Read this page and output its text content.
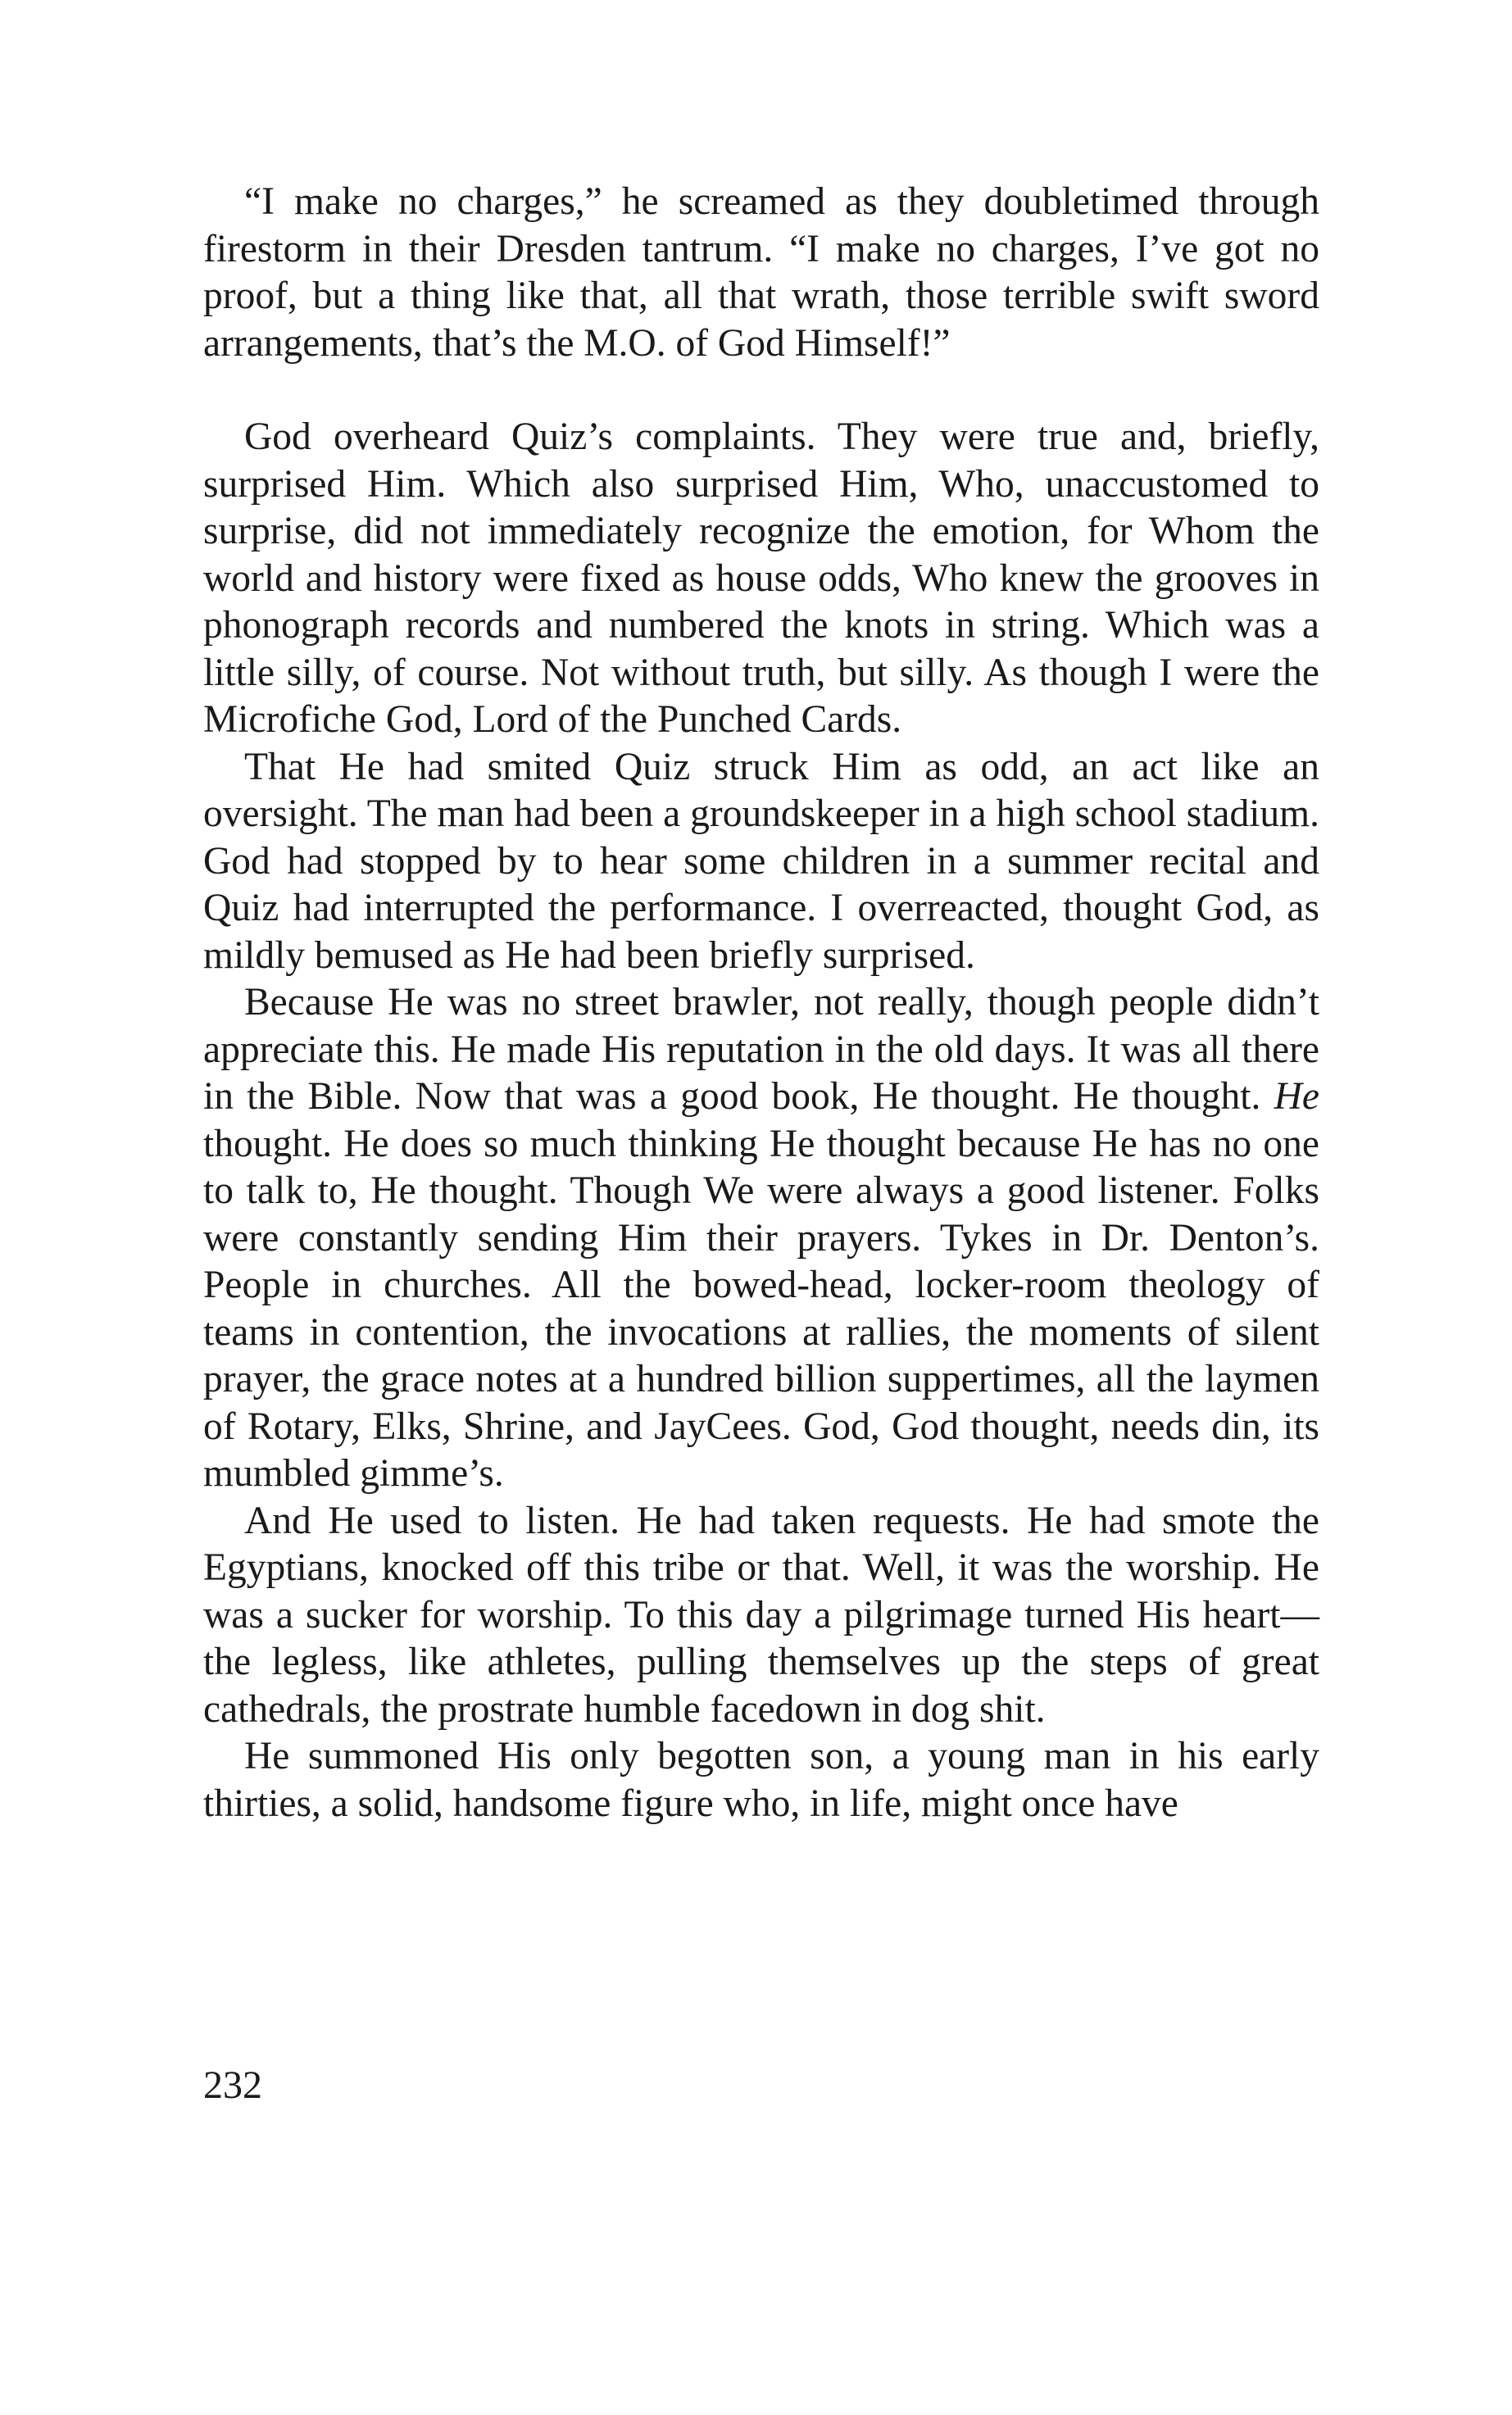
“I make no charges,” he screamed as they doubletimed through firestorm in their Dresden tantrum. “I make no charges, I’ve got no proof, but a thing like that, all that wrath, those terrible swift sword arrangements, that’s the M.O. of God Himself!”

God overheard Quiz’s complaints. They were true and, briefly, surprised Him. Which also surprised Him, Who, unaccustomed to surprise, did not immediately recognize the emotion, for Whom the world and history were fixed as house odds, Who knew the grooves in phonograph records and numbered the knots in string. Which was a little silly, of course. Not without truth, but silly. As though I were the Microfiche God, Lord of the Punched Cards.

That He had smited Quiz struck Him as odd, an act like an oversight. The man had been a groundskeeper in a high school stadium. God had stopped by to hear some children in a summer recital and Quiz had interrupted the performance. I overreacted, thought God, as mildly bemused as He had been briefly surprised.

Because He was no street brawler, not really, though people didn’t appreciate this. He made His reputation in the old days. It was all there in the Bible. Now that was a good book, He thought. He thought. He thought. He does so much thinking He thought because He has no one to talk to, He thought. Though We were always a good listener. Folks were constantly sending Him their prayers. Tykes in Dr. Denton’s. People in churches. All the bowed-head, locker-room theology of teams in contention, the invocations at rallies, the moments of silent prayer, the grace notes at a hundred billion suppertimes, all the laymen of Rotary, Elks, Shrine, and JayCees. God, God thought, needs din, its mumbled gimme’s.

And He used to listen. He had taken requests. He had smote the Egyptians, knocked off this tribe or that. Well, it was the worship. He was a sucker for worship. To this day a pilgrimage turned His heart—the legless, like athletes, pulling themselves up the steps of great cathedrals, the prostrate humble facedown in dog shit.

He summoned His only begotten son, a young man in his early thirties, a solid, handsome figure who, in life, might once have

232
